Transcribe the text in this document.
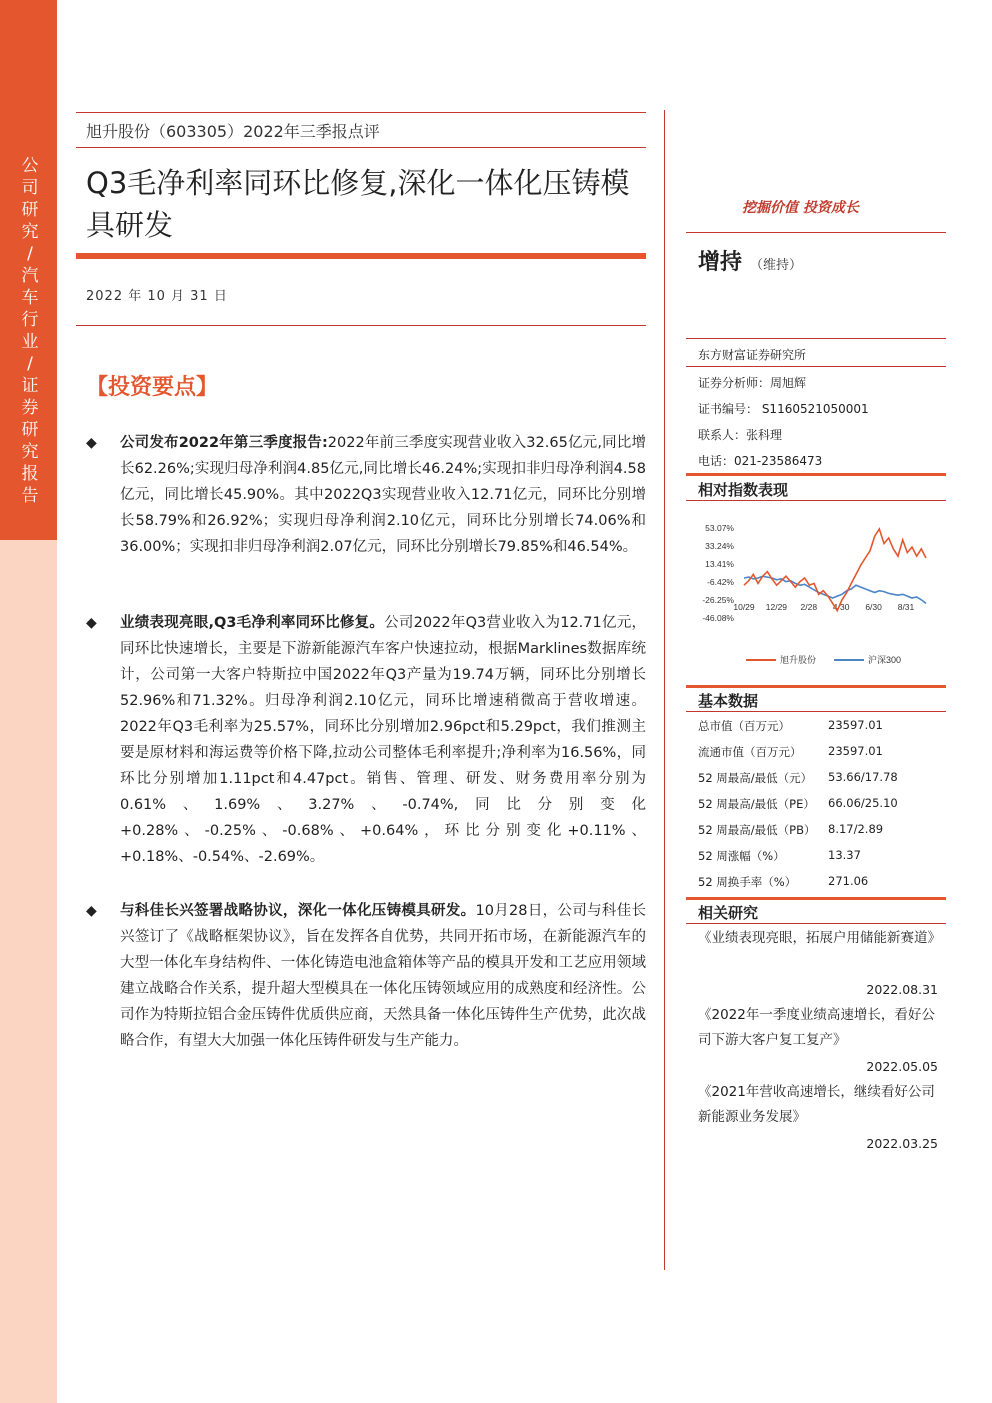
公
司
研
究
/
汽
车
行
业
/
证
券
研
究
报
告
旭升股份（603305）2022年三季报点评
Q3毛净利率同环比修复,深化一体化压铸模具研发
2022 年 10 月 31 日
【投资要点】
◆ 公司发布2022年第三季度报告:2022年前三季度实现营业收入32.65亿元,同比增长62.26%;实现归母净利润4.85亿元,同比增长46.24%;实现扣非归母净利润4.58亿元，同比增长45.90%。其中2022Q3实现营业收入12.71亿元，同环比分别增长58.79%和26.92%；实现归母净利润2.10亿元，同环比分别增长74.06%和36.00%；实现扣非归母净利润2.07亿元，同环比分别增长79.85%和46.54%。
◆ 业绩表现亮眼,Q3毛净利率同环比修复。公司2022年Q3营业收入为12.71亿元，同环比快速增长，主要是下游新能源汽车客户快速拉动，根据Marklines数据库统计，公司第一大客户特斯拉中国2022年Q3产量为19.74万辆，同环比分别增长52.96%和71.32%。归母净利润2.10亿元，同环比增速稍微高于营收增速。2022年Q3毛利率为25.57%，同环比分别增加2.96pct和5.29pct，我们推测主要是原材料和海运费等价格下降,拉动公司整体毛利率提升;净利率为16.56%，同环比分别增加1.11pct和4.47pct。销售、管理、研发、财务费用率分别为0.61%、1.69%、3.27%、-0.74%,同比分别变化+0.28%、-0.25%、-0.68%、+0.64%，环比分别变化+0.11%、+0.18%、-0.54%、-2.69%。
◆ 与科佳长兴签署战略协议，深化一体化压铸模具研发。10月28日，公司与科佳长兴签订了《战略框架协议》，旨在发挥各自优势，共同开拓市场，在新能源汽车的大型一体化车身结构件、一体化铸造电池盒箱体等产品的模具开发和工艺应用领域建立战略合作关系，提升超大型模具在一体化压铸领域应用的成熟度和经济性。公司作为特斯拉铝合金压铸件优质供应商，天然具备一体化压铸件生产优势，此次战略合作，有望大大加强一体化压铸件研发与生产能力。
挖掘价值 投资成长
增持 （维持）
东方财富证券研究所
证券分析师：周旭辉
证书编号： S1160521050001
联系人：张科理
电话：021-23586473
相对指数表现
53.07%
33.24%
13.41%
-6.42%
-26.25%
-46.08%
10/29 12/29 2/28 4/30 6/30 8/31
旭升股份	沪深300
基本数据
总市值（百万元）	23597.01
流通市值（百万元） 23597.01
52 周最高/最低（元） 53.66/17.78
52 周最高/最低（PE） 66.06/25.10
52 周最高/最低（PB） 8.17/2.89
52 周涨幅（%）	13.37
52 周换手率（%）	271.06
相关研究
《业绩表现亮眼，拓展户用储能新赛道》
2022.08.31
《2022年一季度业绩高速增长，看好公司下游大客户复工复产》
2022.05.05
《2021年营收高速增长，继续看好公司新能源业务发展》
2022.03.25
